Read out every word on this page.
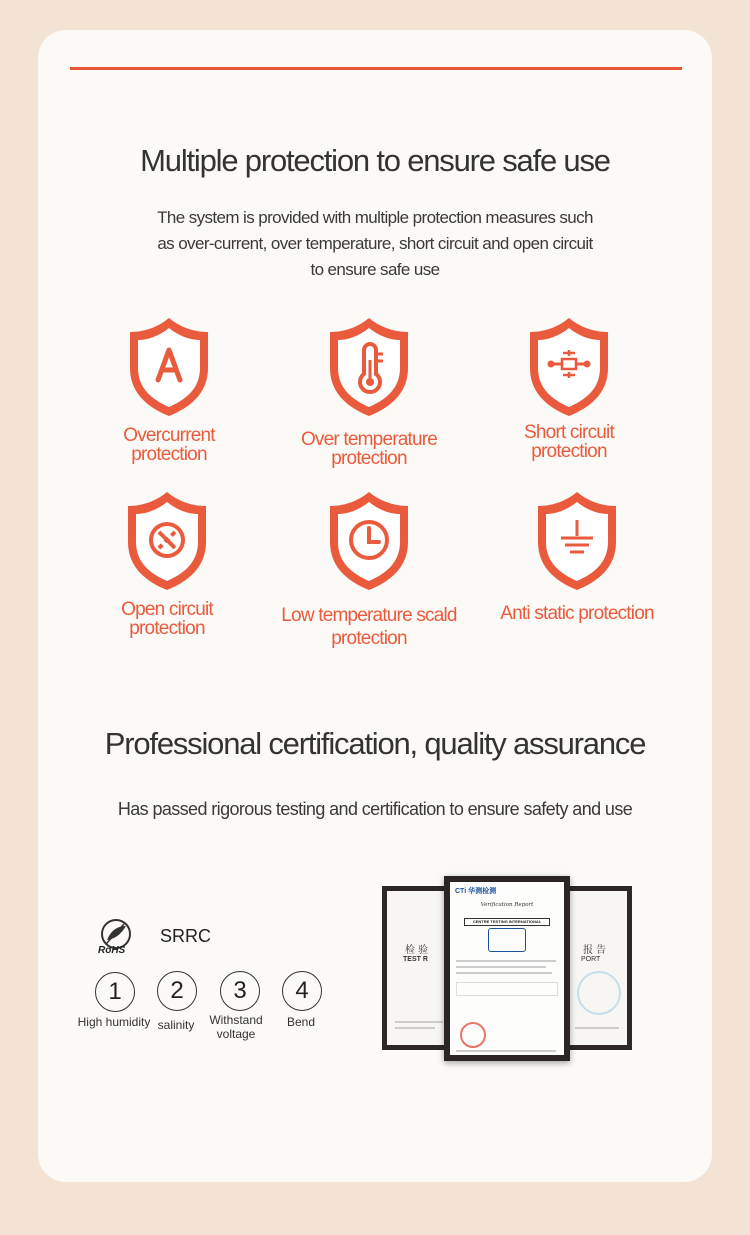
Multiple protection to ensure safe use
The system is provided with multiple protection measures such
as over-current, over temperature, short circuit and open circuit
to ensure safe use
Overcurrent
protection
Over temperature
protection
Short circuit
protection
Open circuit
protection
Low temperature scald
protection
Anti static protection
Professional certification, quality assurance
Has passed rigorous testing and certification to ensure safety and use
RoHS
SRRC
1	2	3	4
High humidity salinity	Withstand voltage
Bend
检 验
TEST R
报 告
PORT
CTi 华测检测
Verification Report
CENTRE TESTING INTERNATIONAL
